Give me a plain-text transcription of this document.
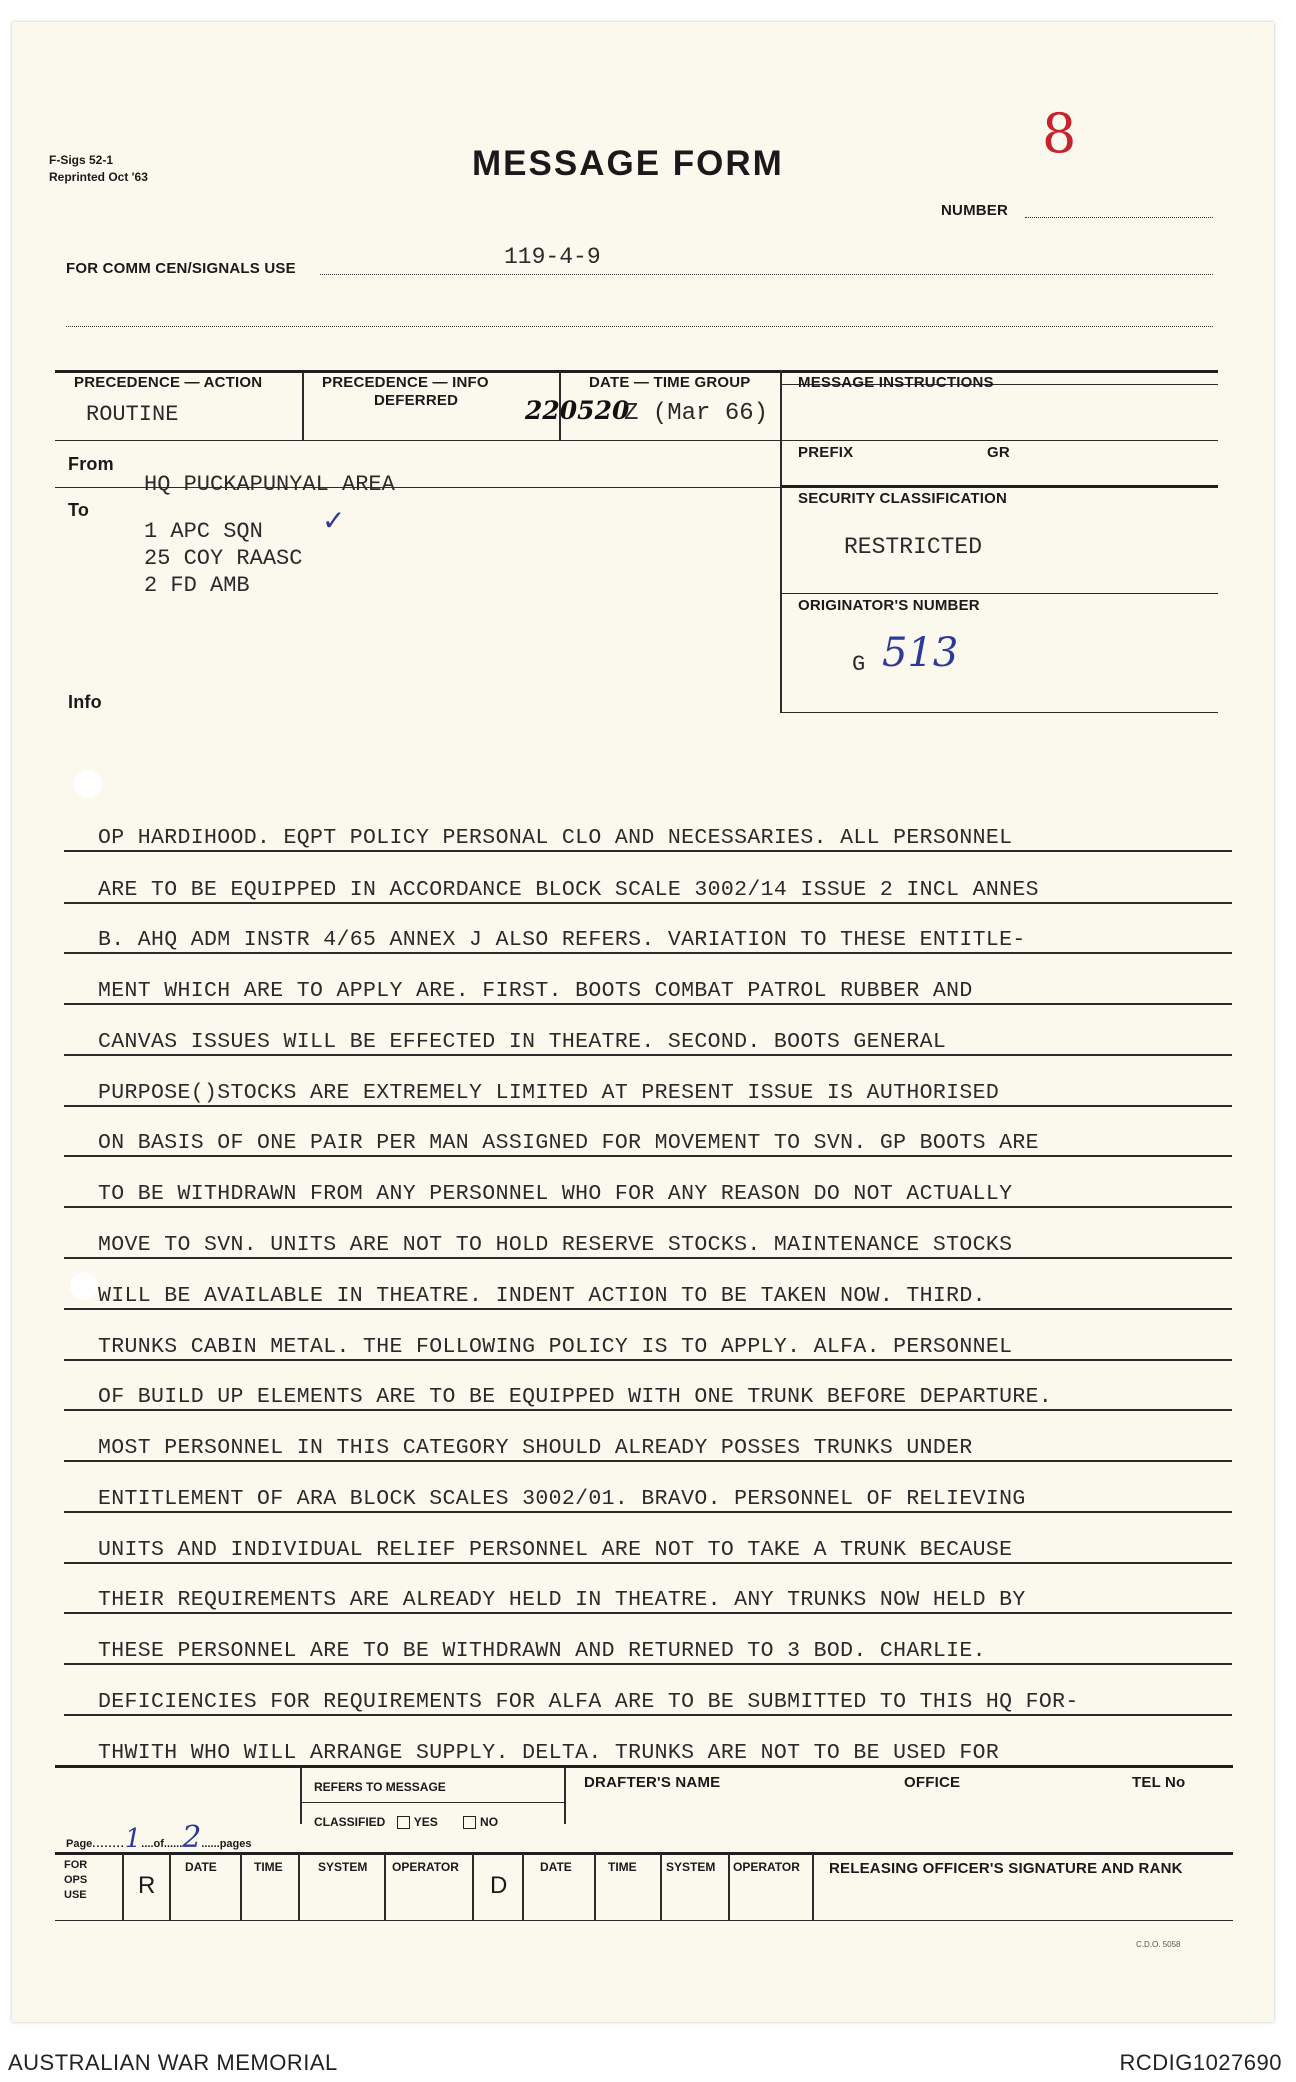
F-Sigs 52-1
Reprinted Oct '63	MESSAGE FORM	8
NUMBER
FOR COMM CEN/SIGNALS USE	119-4-9
PRECEDENCE — ACTION
ROUTINE
PRECEDENCE — INFO
DEFERRED
DATE — TIME GROUP
220520
Z (Mar 66)
MESSAGE INSTRUCTIONS
PREFIX	GR
SECURITY CLASSIFICATION
RESTRICTED
ORIGINATOR'S NUMBER
G 513
From
HQ PUCKAPUNYAL AREA
To
1 APC SQN
25 COY RAASC
2 FD AMB
✓
Info
OP HARDIHOOD. EQPT POLICY PERSONAL CLO AND NECESSARIES. ALL PERSONNEL
ARE TO BE EQUIPPED IN ACCORDANCE BLOCK SCALE 3002/14 ISSUE 2 INCL ANNES
B. AHQ ADM INSTR 4/65 ANNEX J ALSO REFERS. VARIATION TO THESE ENTITLE-
MENT WHICH ARE TO APPLY ARE. FIRST. BOOTS COMBAT PATROL RUBBER AND
CANVAS ISSUES WILL BE EFFECTED IN THEATRE. SECOND. BOOTS GENERAL
PURPOSE()STOCKS ARE EXTREMELY LIMITED AT PRESENT ISSUE IS AUTHORISED
ON BASIS OF ONE PAIR PER MAN ASSIGNED FOR MOVEMENT TO SVN. GP BOOTS ARE
TO BE WITHDRAWN FROM ANY PERSONNEL WHO FOR ANY REASON DO NOT ACTUALLY
MOVE TO SVN. UNITS ARE NOT TO HOLD RESERVE STOCKS. MAINTENANCE STOCKS
WILL BE AVAILABLE IN THEATRE. INDENT ACTION TO BE TAKEN NOW. THIRD.
TRUNKS CABIN METAL. THE FOLLOWING POLICY IS TO APPLY. ALFA. PERSONNEL
OF BUILD UP ELEMENTS ARE TO BE EQUIPPED WITH ONE TRUNK BEFORE DEPARTURE.
MOST PERSONNEL IN THIS CATEGORY SHOULD ALREADY POSSES TRUNKS UNDER
ENTITLEMENT OF ARA BLOCK SCALES 3002/01. BRAVO. PERSONNEL OF RELIEVING
UNITS AND INDIVIDUAL RELIEF PERSONNEL ARE NOT TO TAKE A TRUNK BECAUSE
THEIR REQUIREMENTS ARE ALREADY HELD IN THEATRE. ANY TRUNKS NOW HELD BY
THESE PERSONNEL ARE TO BE WITHDRAWN AND RETURNED TO 3 BOD. CHARLIE.
DEFICIENCIES FOR REQUIREMENTS FOR ALFA ARE TO BE SUBMITTED TO THIS HQ FOR-
THWITH WHO WILL ARRANGE SUPPLY. DELTA. TRUNKS ARE NOT TO BE USED FOR
Page........1....of......2......pages
REFERS TO MESSAGE
CLASSIFIED YES	NO
DRAFTER'S NAME	OFFICE	TEL No
FOR OPS USE	R
DATE	TIME	SYSTEM OPERATOR
D
DATE	TIME SYSTEM OPERATOR RELEASING OFFICER'S SIGNATURE AND RANK
C.D.O. 5058
AUSTRALIAN WAR MEMORIAL	RCDIG1027690
